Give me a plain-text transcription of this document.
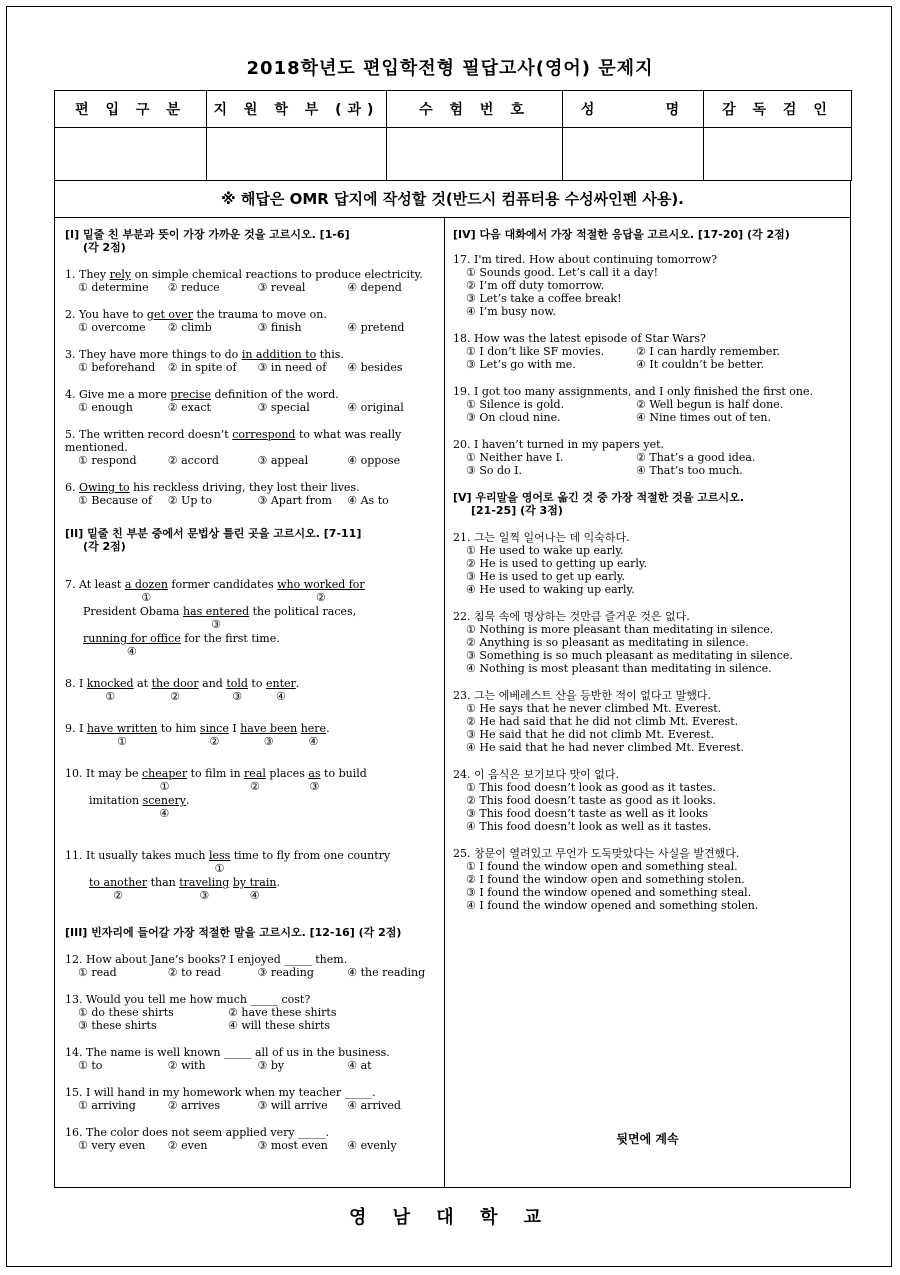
2018학년도 편입학전형 필답고사(영어) 문제지
편 입 구 분	지 원 학 부 (과)	수 험 번 호	성      명	감 독 검 인

※ 해답은 OMR 답지에 작성할 것(반드시 컴퓨터용 수성싸인펜 사용).
[I] 밑줄 친 부분과 뜻이 가장 가까운 것을 고르시오. [1-6]
(각 2점)
1. They rely on simple chemical reactions to produce electricity.
① determine	② reduce	③ reveal	④ depend
2. You have to get over the trauma to move on.
① overcome	② climb	③ finish	④ pretend
3. They have more things to do in addition to this.
① beforehand	② in spite of	③ in need of	④ besides
4. Give me a more precise definition of the word.
① enough	② exact	③ special	④ original
5. The written record doesn’t correspond to what was really mentioned.
① respond	② accord	③ appeal	④ oppose
6. Owing to his reckless driving, they lost their lives.
① Because of	② Up to	③ Apart from	④ As to
[II] 밑줄 친 부분 중에서 문법상 틀린 곳을 고르시오. [7-11]
(각 2점)
7. At least a dozen
①
former candidates who worked for
②
President Obama has entered
③
the political races,
running for office
④
for the first time.
8. I knocked
①
at the door
②
and told
③
to enter
④
.
9. I have written
①
to him since
②
I have been
③
here
④
.
10. It may be cheaper
①
to film in real
②
places as
③
to build
imitation scenery
④
.
11. It usually takes much less
①
time to fly from one country
to another
②
than traveling
③
by train
④
.
[III] 빈자리에 들어갈 가장 적절한 말을 고르시오. [12-16] (각 2점)
12. How about Jane’s books? I enjoyed _____ them.
① read	② to read	③ reading	④ the reading
13. Would you tell me how much _____ cost?
① do these shirts	② have these shirts
③ these shirts	④ will these shirts
14. The name is well known _____ all of us in the business.
① to	② with	③ by	④ at
15. I will hand in my homework when my teacher _____.
① arriving	② arrives	③ will arrive	④ arrived
16. The color does not seem applied very _____.
① very even	② even	③ most even	④ evenly
[IV] 다음 대화에서 가장 적절한 응답을 고르시오. [17-20] (각 2점)
17. I'm tired. How about continuing tomorrow?
① Sounds good. Let’s call it a day!
② I’m off duty tomorrow.
③ Let’s take a coffee break!
④ I’m busy now.
18. How was the latest episode of Star Wars?
① I don’t like SF movies.	② I can hardly remember.
③ Let’s go with me.	④ It couldn’t be better.
19. I got too many assignments, and I only finished the first one.
① Silence is gold.	② Well begun is half done.
③ On cloud nine.	④ Nine times out of ten.
20. I haven’t turned in my papers yet.
① Neither have I.	② That’s a good idea.
③ So do I.	④ That’s too much.
[V] 우리말을 영어로 옮긴 것 중 가장 적절한 것을 고르시오.
[21-25] (각 3점)
21. 그는 일찍 일어나는 데 익숙하다.
① He used to wake up early.
② He is used to getting up early.
③ He is used to get up early.
④ He used to waking up early.
22. 침묵 속에 명상하는 것만큼 즐거운 것은 없다.
① Nothing is more pleasant than meditating in silence.
② Anything is so pleasant as meditating in silence.
③ Something is so much pleasant as meditating in silence.
④ Nothing is most pleasant than meditating in silence.
23. 그는 에베레스트 산을 등반한 적이 없다고 말했다.
① He says that he never climbed Mt. Everest.
② He had said that he did not climb Mt. Everest.
③ He said that he did not climb Mt. Everest.
④ He said that he had never climbed Mt. Everest.
24. 이 음식은 보기보다 맛이 없다.
① This food doesn’t look as good as it tastes.
② This food doesn’t taste as good as it looks.
③ This food doesn’t taste as well as it looks
④ This food doesn’t look as well as it tastes.
25. 창문이 열려있고 무언가 도둑맞았다는 사실을 발견했다.
① I found the window open and something steal.
② I found the window open and something stolen.
③ I found the window opened and something steal.
④ I found the window opened and something stolen.
뒷면에 계속
영 남 대 학 교
